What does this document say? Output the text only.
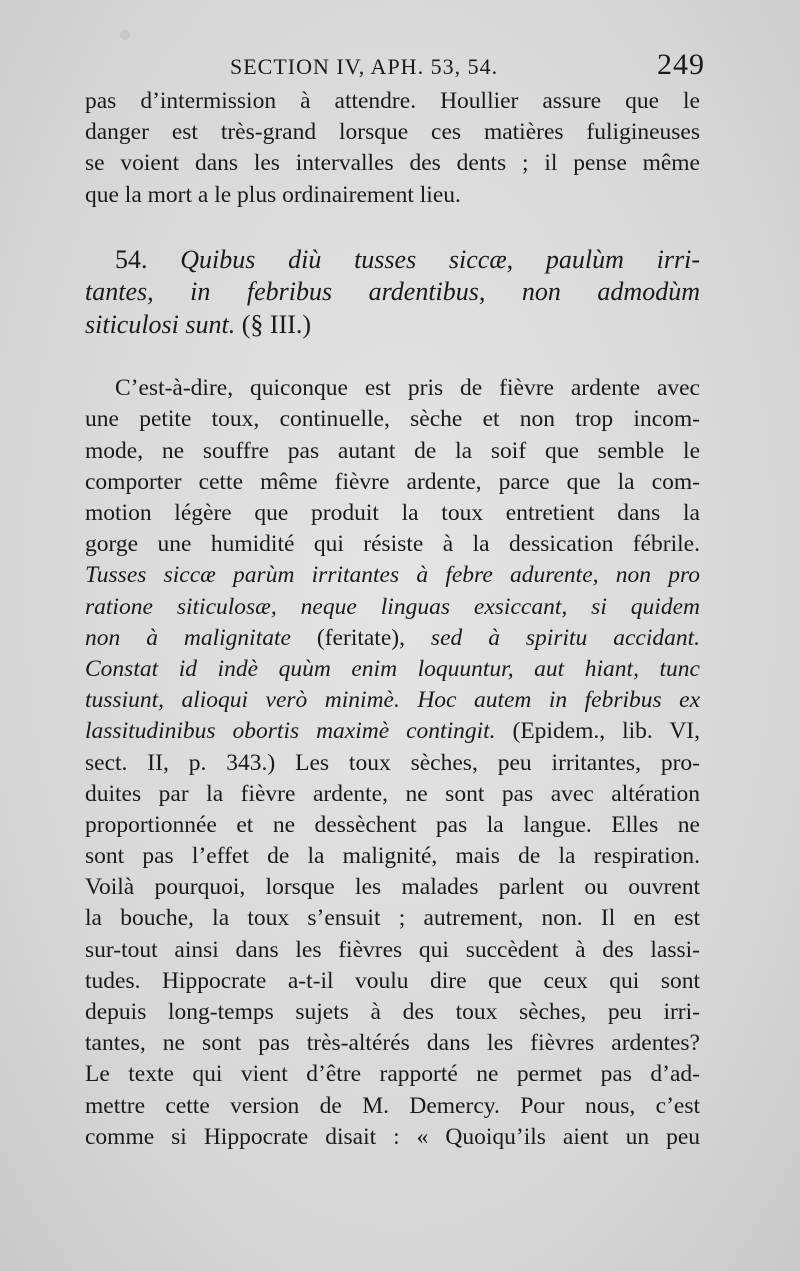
SECTION IV, APH. 53, 54.	249
pas d’intermission à attendre. Houllier assure que le
danger est très-grand lorsque ces matières fuligineuses
se voient dans les intervalles des dents ; il pense même
que la mort a le plus ordinairement lieu.
54. Quibus diù tusses siccæ, paulùm irri-
tantes, in febribus ardentibus, non admodùm
siticulosi sunt. (§ III.)
C’est-à-dire, quiconque est pris de fièvre ardente avec
une petite toux, continuelle, sèche et non trop incom-
mode, ne souffre pas autant de la soif que semble le
comporter cette même fièvre ardente, parce que la com-
motion légère que produit la toux entretient dans la
gorge une humidité qui résiste à la dessication fébrile.
Tusses siccæ parùm irritantes à febre adurente, non pro
ratione siticulosæ, neque linguas exsiccant, si quidem
non à malignitate (feritate), sed à spiritu accidant.
Constat id indè quùm enim loquuntur, aut hiant, tunc
tussiunt, alioqui verò minimè. Hoc autem in febribus ex
lassitudinibus obortis maximè contingit. (Epidem., lib. VI,
sect. II, p. 343.) Les toux sèches, peu irritantes, pro-
duites par la fièvre ardente, ne sont pas avec altération
proportionnée et ne dessèchent pas la langue. Elles ne
sont pas l’effet de la malignité, mais de la respiration.
Voilà pourquoi, lorsque les malades parlent ou ouvrent
la bouche, la toux s’ensuit ; autrement, non. Il en est
sur-tout ainsi dans les fièvres qui succèdent à des lassi-
tudes. Hippocrate a-t-il voulu dire que ceux qui sont
depuis long-temps sujets à des toux sèches, peu irri-
tantes, ne sont pas très-altérés dans les fièvres ardentes?
Le texte qui vient d’être rapporté ne permet pas d’ad-
mettre cette version de M. Demercy. Pour nous, c’est
comme si Hippocrate disait : « Quoiqu’ils aient un peu
